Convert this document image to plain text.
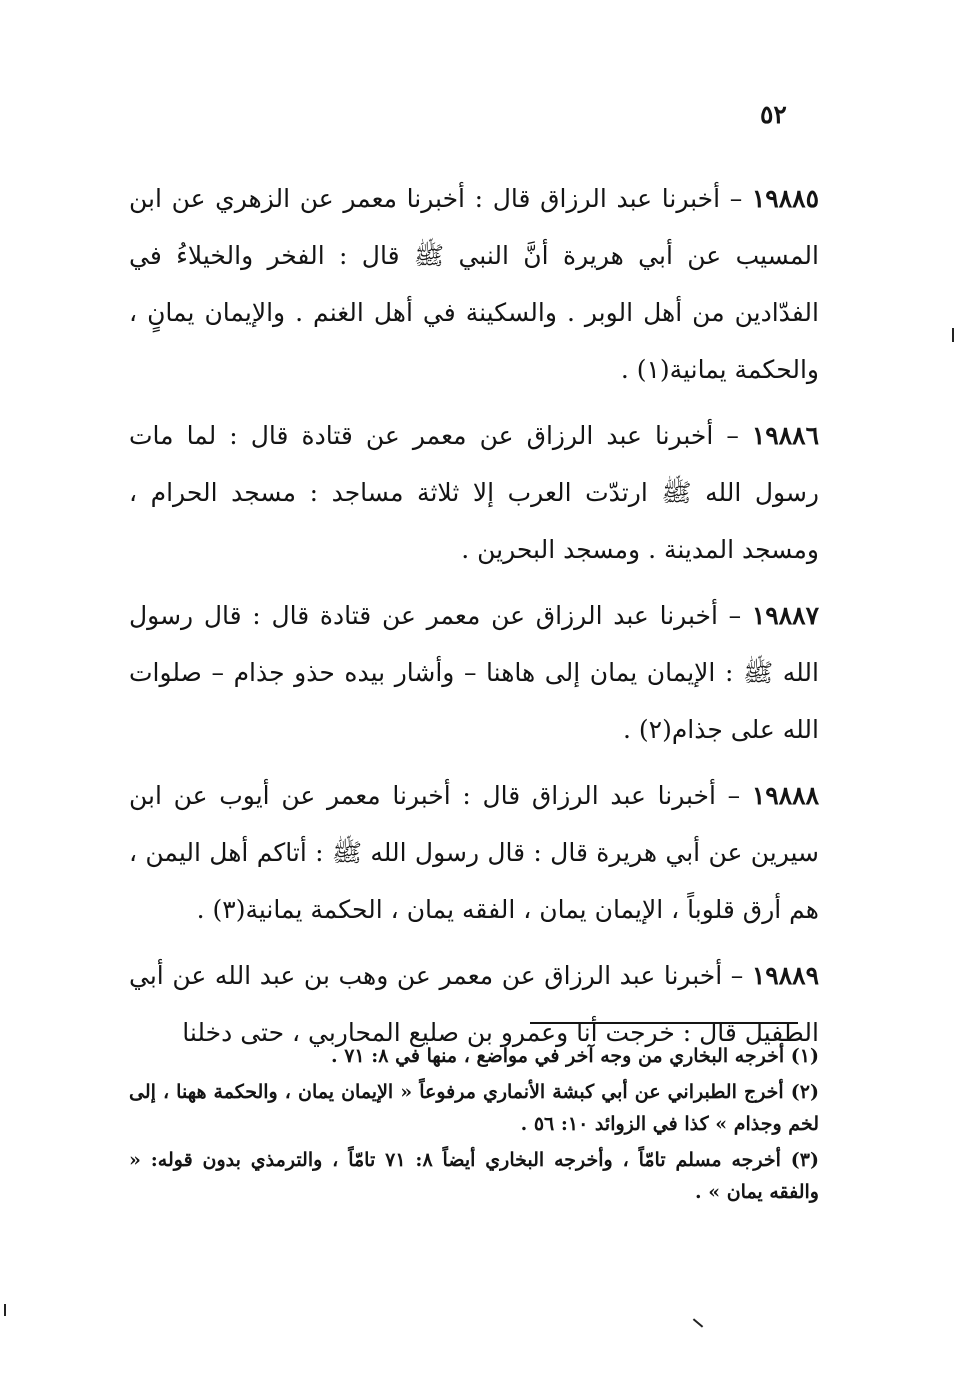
٥٢

١٩٨٨٥ – أخبرنا عبد الرزاق قال : أخبرنا معمر عن الزهري عن ابن المسيب عن أبي هريرة أنَّ النبي ﷺ قال : الفخر والخيلاءُ في الفدّادين من أهل الوبر . والسكينة في أهل الغنم . والإيمان يمانٍ ، والحكمة يمانية(١) .

١٩٨٨٦ – أخبرنا عبد الرزاق عن معمر عن قتادة قال : لما مات رسول الله ﷺ ارتدّت العرب إلا ثلاثة مساجد : مسجد الحرام ، ومسجد المدينة . ومسجد البحرين .

١٩٨٨٧ – أخبرنا عبد الرزاق عن معمر عن قتادة قال : قال رسول الله ﷺ : الإيمان يمان إلى هاهنا – وأشار بيده حذو جذام – صلوات الله على جذام(٢) .

١٩٨٨٨ – أخبرنا عبد الرزاق قال : أخبرنا معمر عن أيوب عن ابن سيرين عن أبي هريرة قال : قال رسول الله ﷺ : أتاكم أهل اليمن ، هم أرق قلوباً ، الإيمان يمان ، الفقه يمان ، الحكمة يمانية(٣) .

١٩٨٨٩ – أخبرنا عبد الرزاق عن معمر عن وهب بن عبد الله عن أبي الطفيل قال : خرجت أنا وعمرو بن صليع المحاربي ، حتى دخلنا

(١) أخرجه البخاري من وجه آخر في مواضع ، منها في ٨: ٧١ .

(٢) أخرج الطبراني عن أبي كبشة الأنماري مرفوعاً « الإيمان يمان ، والحكمة ههنا ، إلى لخم وجذام » كذا في الزوائد ١٠: ٥٦ .

(٣) أخرجه مسلم تامّاً ، وأخرجه البخاري أيضاً ٨: ٧١ تامّاً ، والترمذي بدون قوله: « والفقه يمان » .
